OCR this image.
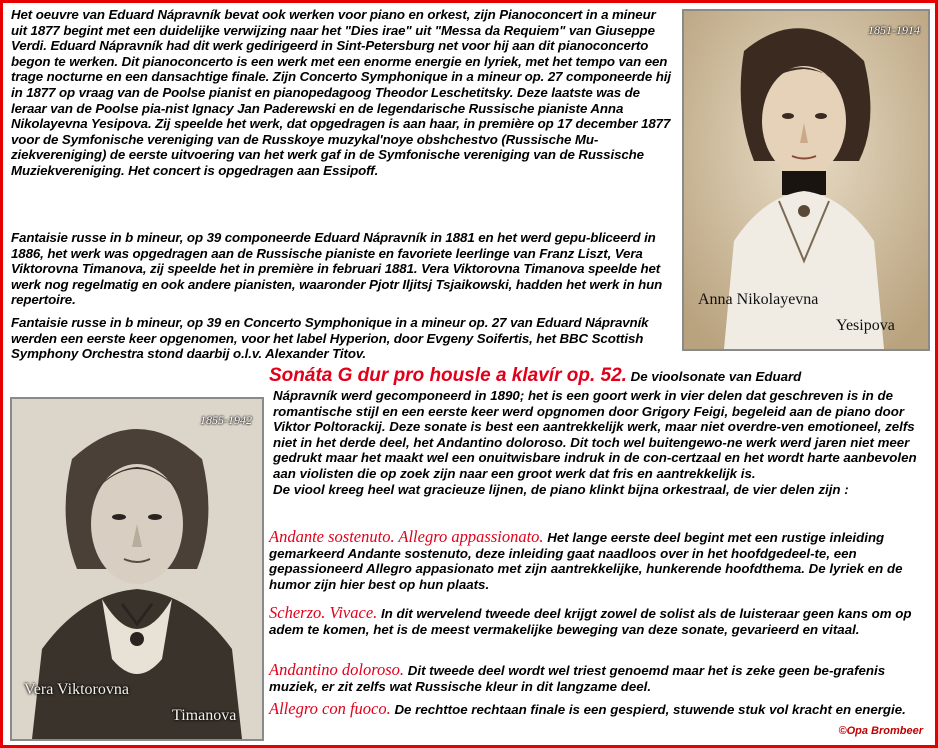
Het oeuvre van Eduard Nápravník bevat ook werken voor piano en orkest, zijn Pianoconcert in a mineur uit 1877 begint met een duidelijke verwijzing naar het "Dies irae" uit "Messa da Requiem" van Giuseppe Verdi. Eduard Nápravník had dit werk gedirigeerd in Sint-Petersburg net voor hij aan dit pianoconcerto begon te werken. Dit pianoconcerto is een werk met een enorme energie en lyriek, met het tempo van een trage nocturne en een dansachtige finale. Zijn Concerto Symphonique in a mineur op. 27 componeerde hij in 1877 op vraag van de Poolse pianist en pianopedagoog Theodor Leschetitsky. Deze laatste was de leraar van de Poolse pia-nist Ignacy Jan Paderewski en de legendarische Russische pianiste Anna Nikolayevna Yesipova. Zij speelde het werk, dat opgedragen is aan haar, in première op 17 december 1877 voor de Symfonische vereniging van de Russkoye muzykal'noye obshchestvo (Russische Mu-ziekvereniging) de eerste uitvoering van het werk gaf in de Symfonische vereniging van de Russische Muziekvereniging. Het concert is opgedragen aan Essipoff.

Fantaisie russe in b mineur, op 39 componeerde Eduard Nápravník in 1881 en het werd gepu-bliceerd in 1886, het werk was opgedragen aan de Russische pianiste en favoriete leerlinge van Franz Liszt, Vera Viktorovna Timanova, zij speelde het in première in februari 1881. Vera Viktorovna Timanova speelde het werk nog regelmatig en ook andere pianisten, waaronder Pjotr Iljitsj Tsjaikowski, hadden het werk in hun repertoire.

Fantaisie russe in b mineur, op 39 en Concerto Symphonique in a mineur op. 27 van Eduard Nápravník werden een eerste keer opgenomen, voor het label Hyperion, door Evgeny Soifertis, het BBC Scottish Symphony Orchestra stond daarbij o.l.v. Alexander Titov.

1851-1914
Anna Nikolayevna
Yesipova
Sonáta G dur pro housle a klavír op. 52. De vioolsonate van Eduard
Nápravník werd gecomponeerd in 1890; het is een goort werk in vier delen dat geschreven is in de romantische stijl en een eerste keer werd opgnomen door Grigory Feigi, begeleid aan de piano door Viktor Poltorackij. Deze sonate is best een aantrekkelijk werk, maar niet overdre-ven emotioneel, zelfs niet in het derde deel, het Andantino doloroso. Dit toch wel buitengewo-ne werk werd jaren niet meer gedrukt maar het maakt wel een onuitwisbare indruk in de con-certzaal en het wordt harte aanbevolen aan violisten die op zoek zijn naar een groot werk dat fris en aantrekkelijk is.
De viool kreeg heel wat gracieuze lijnen, de piano klinkt bijna orkestraal, de vier delen zijn :
Andante sostenuto. Allegro appassionato. Het lange eerste deel begint met een rustige inleiding gemarkeerd Andante sostenuto, deze inleiding gaat naadloos over in het hoofdgedeel-te, een gepassioneerd Allegro appasionato met zijn aantrekkelijke, hunkerende hoofdthema. De lyriek en de humor zijn hier best op hun plaats.
Scherzo. Vivace. In dit wervelend tweede deel krijgt zowel de solist als de luisteraar geen kans om op adem te komen, het is de meest vermakelijke beweging van deze sonate, gevarieerd en vitaal.
Andantino doloroso. Dit tweede deel wordt wel triest genoemd maar het is zeke geen be-grafenis muziek, er zit zelfs wat Russische kleur in dit langzame deel.
Allegro con fuoco. De rechttoe rechtaan finale is een gespierd, stuwende stuk vol kracht en energie.
1855-1942
Vera Viktorovna
Timanova
©Opa Brombeer
